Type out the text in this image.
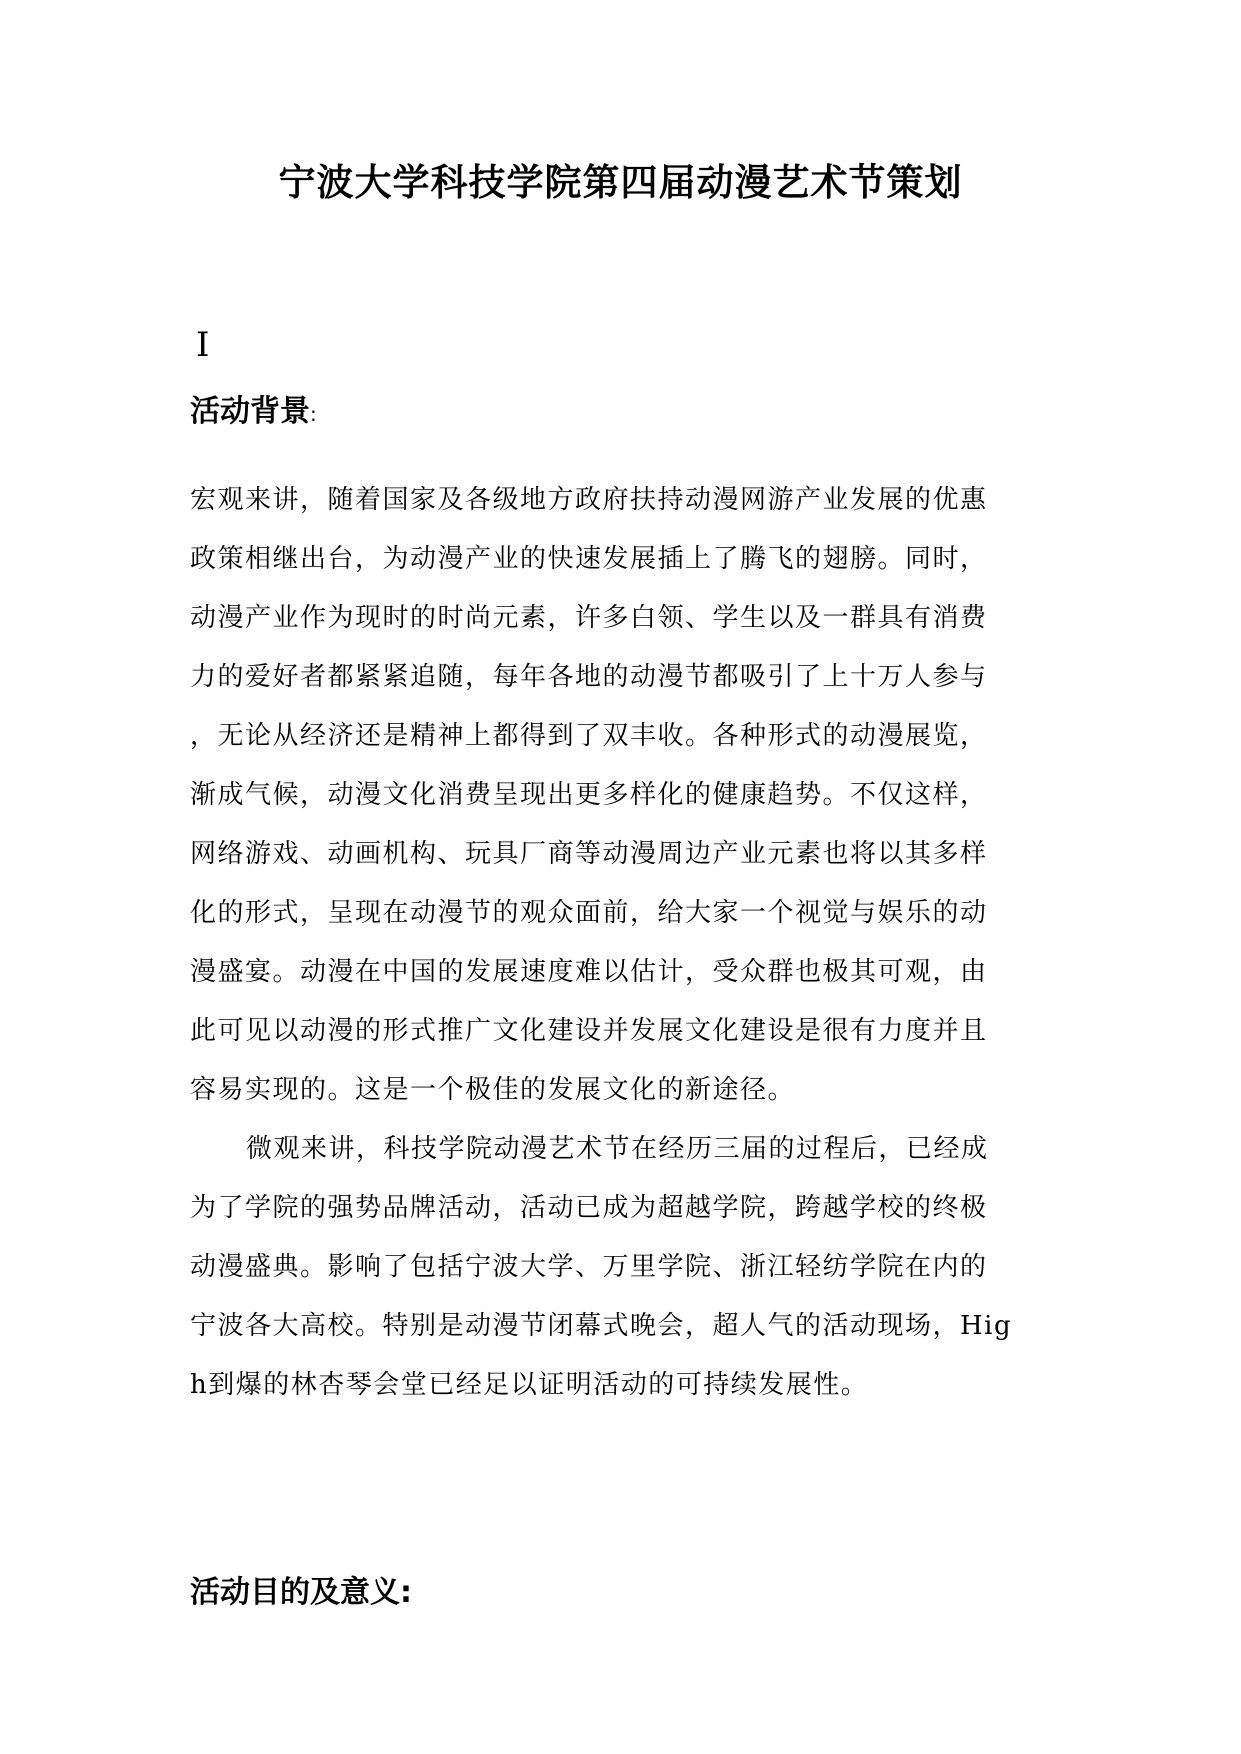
宁波大学科技学院第四届动漫艺术节策划
I
活动背景:
宏观来讲，随着国家及各级地方政府扶持动漫网游产业发展的优惠
政策相继出台，为动漫产业的快速发展插上了腾飞的翅膀。同时，
动漫产业作为现时的时尚元素，许多白领、学生以及一群具有消费
力的爱好者都紧紧追随，每年各地的动漫节都吸引了上十万人参与
，无论从经济还是精神上都得到了双丰收。各种形式的动漫展览，
渐成气候，动漫文化消费呈现出更多样化的健康趋势。不仅这样，
网络游戏、动画机构、玩具厂商等动漫周边产业元素也将以其多样
化的形式，呈现在动漫节的观众面前，给大家一个视觉与娱乐的动
漫盛宴。动漫在中国的发展速度难以估计，受众群也极其可观，由
此可见以动漫的形式推广文化建设并发展文化建设是很有力度并且
容易实现的。这是一个极佳的发展文化的新途径。
微观来讲，科技学院动漫艺术节在经历三届的过程后，已经成
为了学院的强势品牌活动，活动已成为超越学院，跨越学校的终极
动漫盛典。影响了包括宁波大学、万里学院、浙江轻纺学院在内的
宁波各大高校。特别是动漫节闭幕式晚会，超人气的活动现场，Hig
h到爆的林杏琴会堂已经足以证明活动的可持续发展性。
活动目的及意义:
